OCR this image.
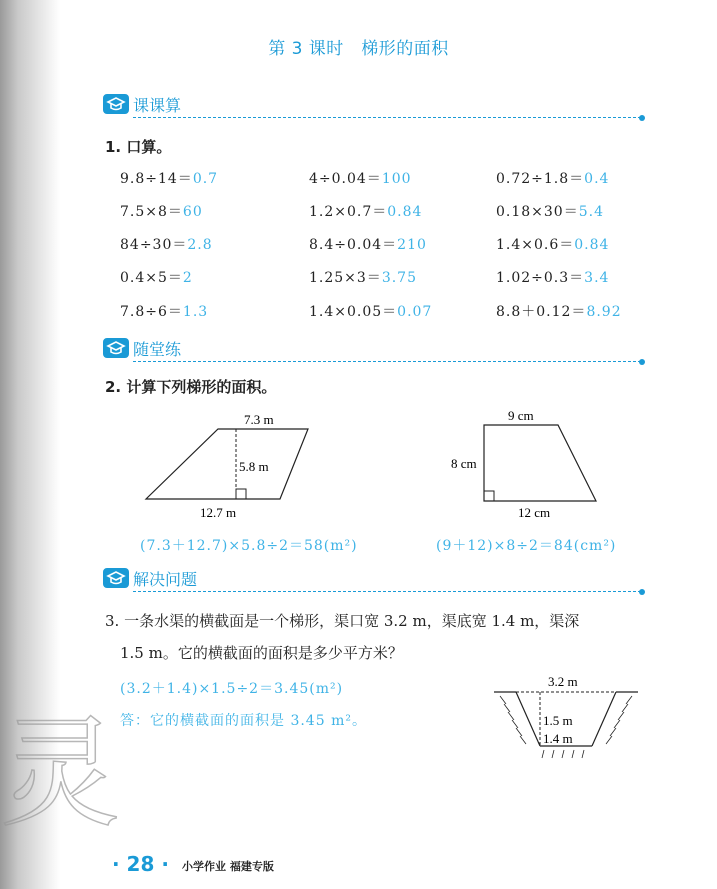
灵
第 3 课时　梯形的面积
课课算
1. 口算。
9.8÷14＝0.7	4÷0.04＝100	0.72÷1.8＝0.4
7.5×8＝60	1.2×0.7＝0.84	0.18×30＝5.4
84÷30＝2.8	8.4÷0.04＝210	1.4×0.6＝0.84
0.4×5＝2	1.25×3＝3.75	1.02÷0.3＝3.4
7.8÷6＝1.3	1.4×0.05＝0.07	8.8＋0.12＝8.92
随堂练
2. 计算下列梯形的面积。
7.3 m
5.8 m
12.7 m
9 cm
8 cm
12 cm
(7.3＋12.7)×5.8÷2＝58(m²)	(9＋12)×8÷2＝84(cm²)
解决问题
3. 一条水渠的横截面是一个梯形，渠口宽 3.2 m，渠底宽 1.4 m，渠深
1.5 m。它的横截面的面积是多少平方米？
(3.2＋1.4)×1.5÷2＝3.45(m²)
答：它的横截面的面积是 3.45 m²。
3.2 m
1.5 m
1.4 m
· 28 · 小学作业 福建专版
